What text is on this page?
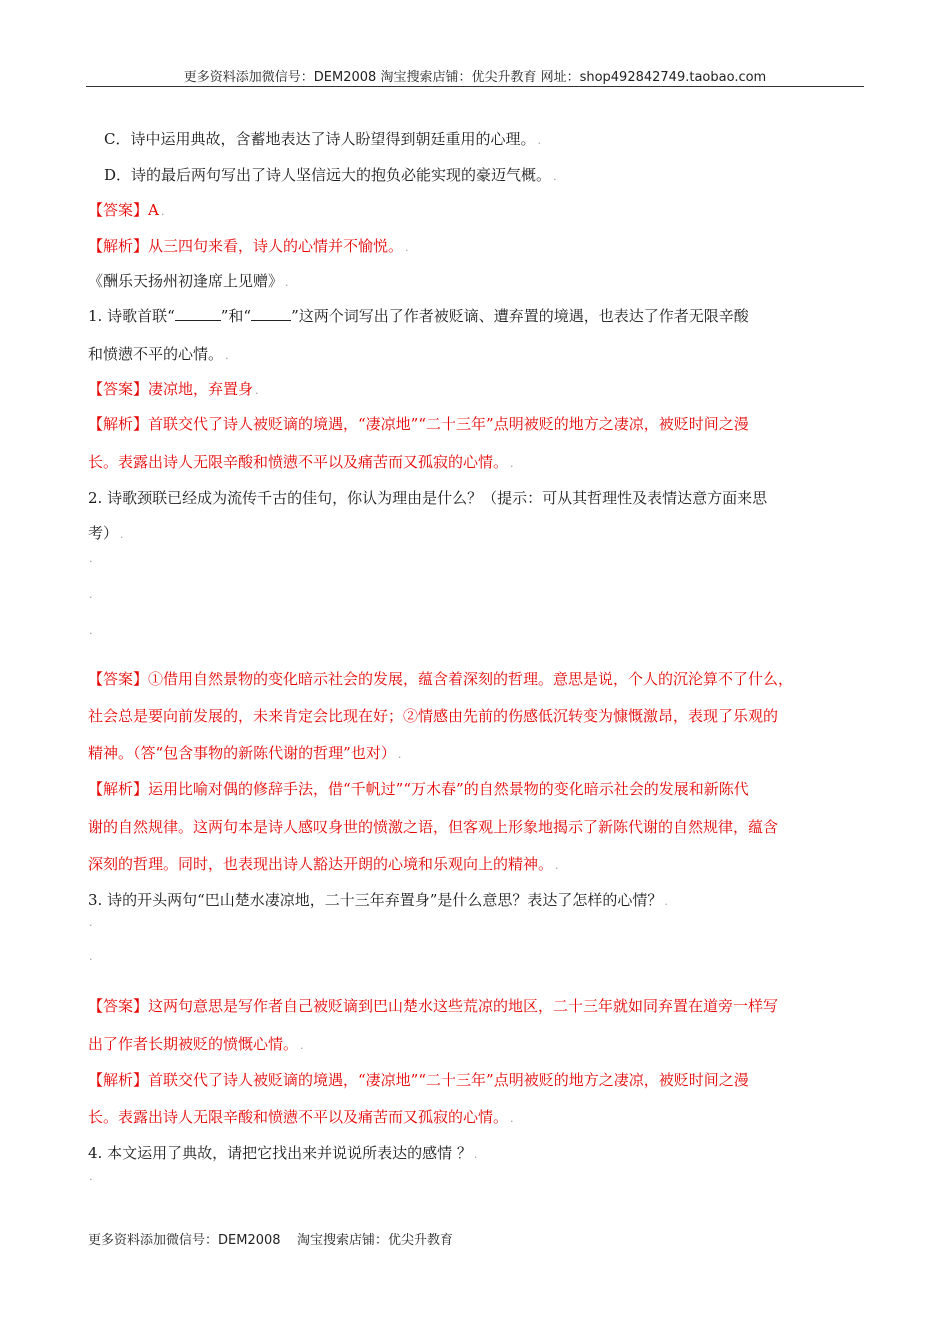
更多资料添加微信号：DEM2008 淘宝搜索店铺：优尖升教育 网址：shop492842749.taobao.com
C．诗中运用典故，含蓄地表达了诗人盼望得到朝廷重用的心理。 .
D．诗的最后两句写出了诗人坚信远大的抱负必能实现的豪迈气概。 .
【答案】A .
【解析】从三四句来看，诗人的心情并不愉悦。 .
《酬乐天扬州初逢席上见赠》 .
1. 诗歌首联“	”和“	”这两个词写出了作者被贬谪、遭弃置的境遇，也表达了作者无限辛酸
和愤懑不平的心情。 .
【答案】凄凉地，弃置身 .
【解析】首联交代了诗人被贬谪的境遇，“凄凉地”“二十三年”点明被贬的地方之凄凉，被贬时间之漫
长。表露出诗人无限辛酸和愤懑不平以及痛苦而又孤寂的心情。 .
2. 诗歌颈联已经成为流传千古的佳句，你认为理由是什么？（提示：可从其哲理性及表情达意方面来思
考） .
.
.
.
【答案】①借用自然景物的变化暗示社会的发展，蕴含着深刻的哲理。意思是说，个人的沉沦算不了什么，
社会总是要向前发展的，未来肯定会比现在好；②情感由先前的伤感低沉转变为慷慨激昂，表现了乐观的
精神。（答“包含事物的新陈代谢的哲理”也对） .
【解析】运用比喻对偶的修辞手法，借“千帆过”“万木春”的自然景物的变化暗示社会的发展和新陈代
谢的自然规律。这两句本是诗人感叹身世的愤激之语，但客观上形象地揭示了新陈代谢的自然规律，蕴含
深刻的哲理。同时，也表现出诗人豁达开朗的心境和乐观向上的精神。 .
3. 诗的开头两句“巴山楚水凄凉地，二十三年弃置身”是什么意思？表达了怎样的心情？ .
.
.
【答案】这两句意思是写作者自己被贬谪到巴山楚水这些荒凉的地区，二十三年就如同弃置在道旁一样写
出了作者长期被贬的愤慨心情。 .
【解析】首联交代了诗人被贬谪的境遇，“凄凉地”“二十三年”点明被贬的地方之凄凉，被贬时间之漫
长。表露出诗人无限辛酸和愤懑不平以及痛苦而又孤寂的心情。 .
4. 本文运用了典故，请把它找出来并说说所表达的感情 ？ .
.
更多资料添加微信号：DEM2008    淘宝搜索店铺：优尖升教育
